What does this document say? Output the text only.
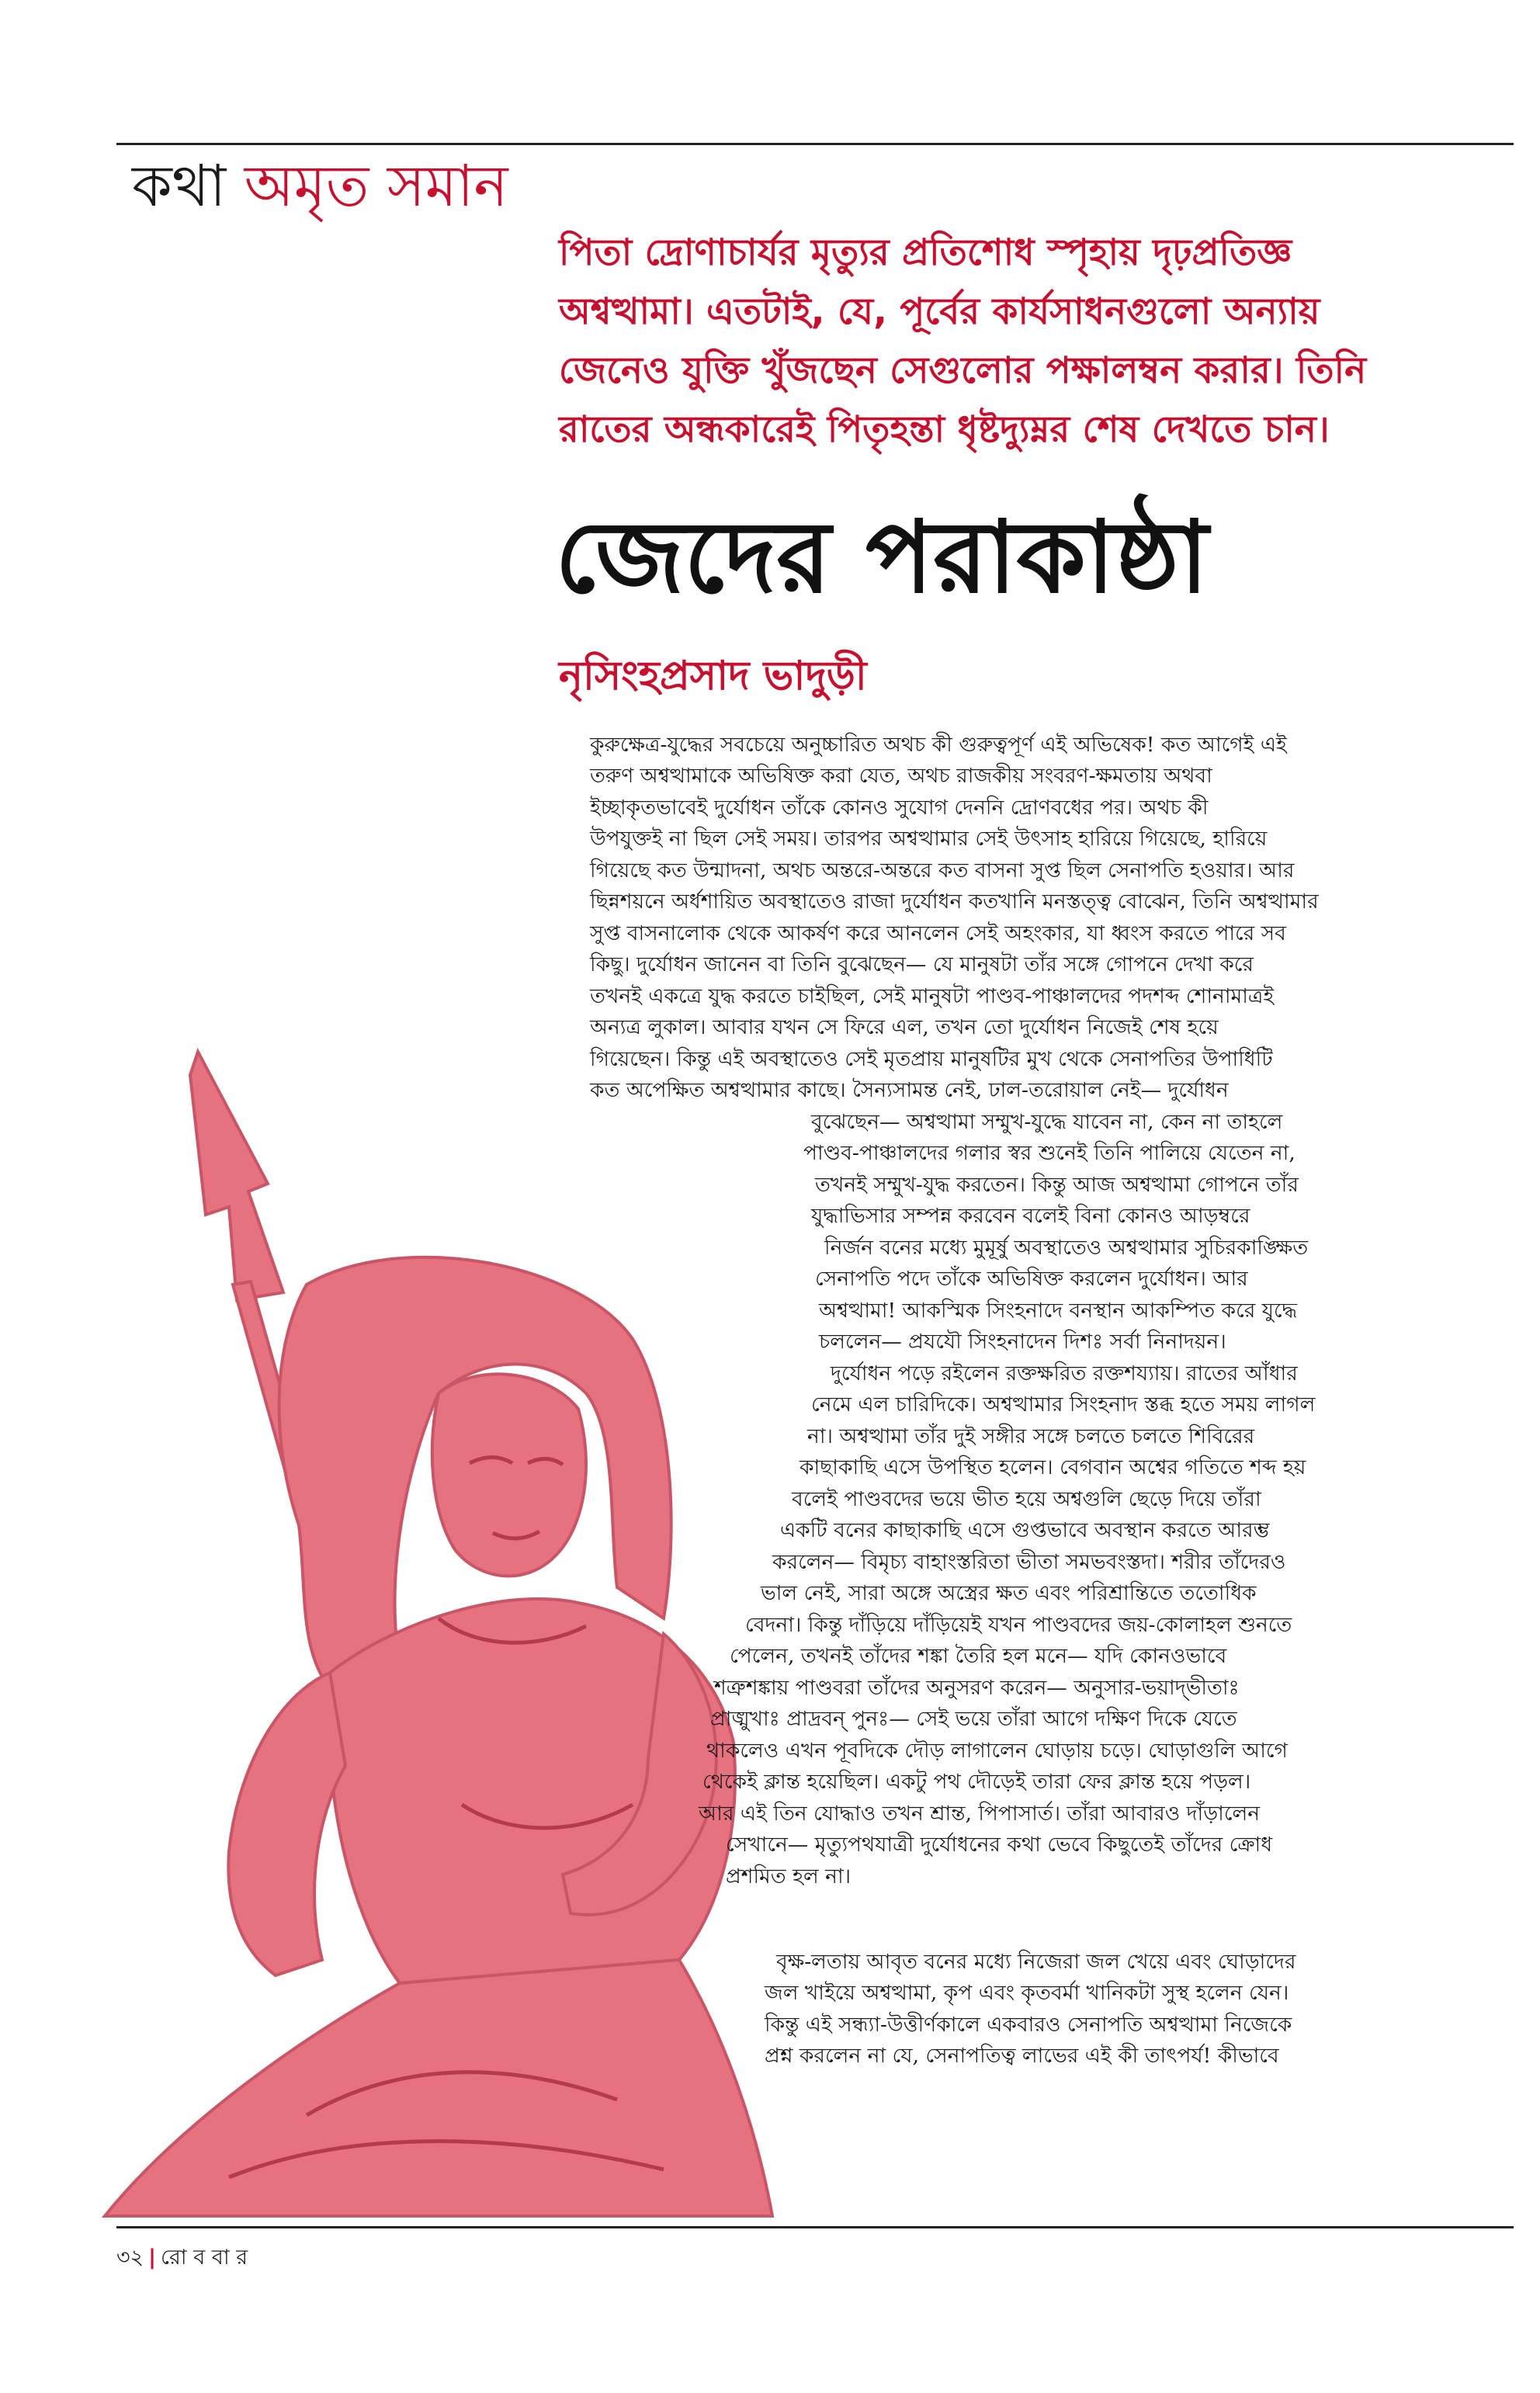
কথা অমৃত সমান

পিতা দ্রোণাচার্যর মৃত্যুর প্রতিশোধ স্পৃহায় দৃঢ়প্রতিজ্ঞ অশ্বত্থামা। এতটাই, যে, পূর্বের কার্যসাধনগুলো অন্যায় জেনেও যুক্তি খুঁজছেন সেগুলোর পক্ষালম্বন করার। তিনি রাতের অন্ধকারেই পিতৃহন্তা ধৃষ্টদ্যুম্নর শেষ দেখতে চান।

জেদের পরাকাষ্ঠা
নৃসিংহপ্রসাদ ভাদুড়ী
কুরুক্ষেত্র-যুদ্ধের সবচেয়ে অনুচ্চারিত অথচ কী গুরুত্বপূর্ণ এই অভিষেক! কত আগেই এই
তরুণ অশ্বত্থামাকে অভিষিক্ত করা যেত, অথচ রাজকীয় সংবরণ-ক্ষমতায় অথবা
ইচ্ছাকৃতভাবেই দুর্যোধন তাঁকে কোনও সুযোগ দেননি দ্রোণবধের পর। অথচ কী
উপযুক্তই না ছিল সেই সময়। তারপর অশ্বত্থামার সেই উৎসাহ হারিয়ে গিয়েছে, হারিয়ে
গিয়েছে কত উন্মাদনা, অথচ অন্তরে-অন্তরে কত বাসনা সুপ্ত ছিল সেনাপতি হওয়ার। আর
ছিন্নশয়নে অর্ধশায়িত অবস্থাতেও রাজা দুর্যোধন কতখানি মনস্তত্ত্ব বোঝেন, তিনি অশ্বত্থামার
সুপ্ত বাসনালোক থেকে আকর্ষণ করে আনলেন সেই অহংকার, যা ধ্বংস করতে পারে সব
কিছু। দুর্যোধন জানেন বা তিনি বুঝেছেন— যে মানুষটা তাঁর সঙ্গে গোপনে দেখা করে
তখনই একত্রে যুদ্ধ করতে চাইছিল, সেই মানুষটা পাণ্ডব-পাঞ্চালদের পদশব্দ শোনামাত্রই
অন্যত্র লুকাল। আবার যখন সে ফিরে এল, তখন তো দুর্যোধন নিজেই শেষ হয়ে
গিয়েছেন। কিন্তু এই অবস্থাতেও সেই মৃতপ্রায় মানুষটির মুখ থেকে সেনাপতির উপাধিটি
কত অপেক্ষিত অশ্বত্থামার কাছে। সৈন্যসামন্ত নেই, ঢাল-তরোয়াল নেই— দুর্যোধন
বুঝেছেন— অশ্বত্থামা সম্মুখ-যুদ্ধে যাবেন না, কেন না তাহলে
পাণ্ডব-পাঞ্চালদের গলার স্বর শুনেই তিনি পালিয়ে যেতেন না,
তখনই সম্মুখ-যুদ্ধ করতেন। কিন্তু আজ অশ্বত্থামা গোপনে তাঁর
যুদ্ধাভিসার সম্পন্ন করবেন বলেই বিনা কোনও আড়ম্বরে
নির্জন বনের মধ্যে মুমূর্ষু অবস্থাতেও অশ্বত্থামার সুচিরকাঙ্ক্ষিত
সেনাপতি পদে তাঁকে অভিষিক্ত করলেন দুর্যোধন। আর
অশ্বত্থামা! আকস্মিক সিংহনাদে বনস্থান আকম্পিত করে যুদ্ধে
চললেন— প্রযযৌ সিংহনাদেন দিশঃ সর্বা নিনাদয়ন।
দুর্যোধন পড়ে রইলেন রক্তক্ষরিত রক্তশয্যায়। রাতের আঁধার
নেমে এল চারিদিকে। অশ্বত্থামার সিংহনাদ স্তব্ধ হতে সময় লাগল
না। অশ্বত্থামা তাঁর দুই সঙ্গীর সঙ্গে চলতে চলতে শিবিরের
কাছাকাছি এসে উপস্থিত হলেন। বেগবান অশ্বের গতিতে শব্দ হয়
বলেই পাণ্ডবদের ভয়ে ভীত হয়ে অশ্বগুলি ছেড়ে দিয়ে তাঁরা
একটি বনের কাছাকাছি এসে গুপ্তভাবে অবস্থান করতে আরম্ভ
করলেন— বিমৃচ্য বাহাংস্তরিতা ভীতা সমভবংস্তদা। শরীর তাঁদেরও
ভাল নেই, সারা অঙ্গে অস্ত্রের ক্ষত এবং পরিশ্রান্তিতে ততোধিক
বেদনা। কিন্তু দাঁড়িয়ে দাঁড়িয়েই যখন পাণ্ডবদের জয়-কোলাহল শুনতে
পেলেন, তখনই তাঁদের শঙ্কা তৈরি হল মনে— যদি কোনওভাবে
শত্রুশঙ্কায় পাণ্ডবরা তাঁদের অনুসরণ করেন— অনুসার-ভয়াদ্‌ভীতাঃ
প্রাঙ্মুখাঃ প্রাদ্রবন্ পুনঃ— সেই ভয়ে তাঁরা আগে দক্ষিণ দিকে যেতে
থাকলেও এখন পূবদিকে দৌড় লাগালেন ঘোড়ায় চড়ে। ঘোড়াগুলি আগে
থেকেই ক্লান্ত হয়েছিল। একটু পথ দৌড়েই তারা ফের ক্লান্ত হয়ে পড়ল।
আর এই তিন যোদ্ধাও তখন শ্রান্ত, পিপাসার্ত। তাঁরা আবারও দাঁড়ালেন
সেখানে— মৃত্যুপথযাত্রী দুর্যোধনের কথা ভেবে কিছুতেই তাঁদের ক্রোধ
প্রশমিত হল না।
বৃক্ষ-লতায় আবৃত বনের মধ্যে নিজেরা জল খেয়ে এবং ঘোড়াদের
জল খাইয়ে অশ্বত্থামা, কৃপ এবং কৃতবর্মা খানিকটা সুস্থ হলেন যেন।
কিন্তু এই সন্ধ্যা-উত্তীর্ণকালে একবারও সেনাপতি অশ্বত্থামা নিজেকে
প্রশ্ন করলেন না যে, সেনাপতিত্ব লাভের এই কী তাৎপর্য! কীভাবে
৩২ | রো ব বা র
